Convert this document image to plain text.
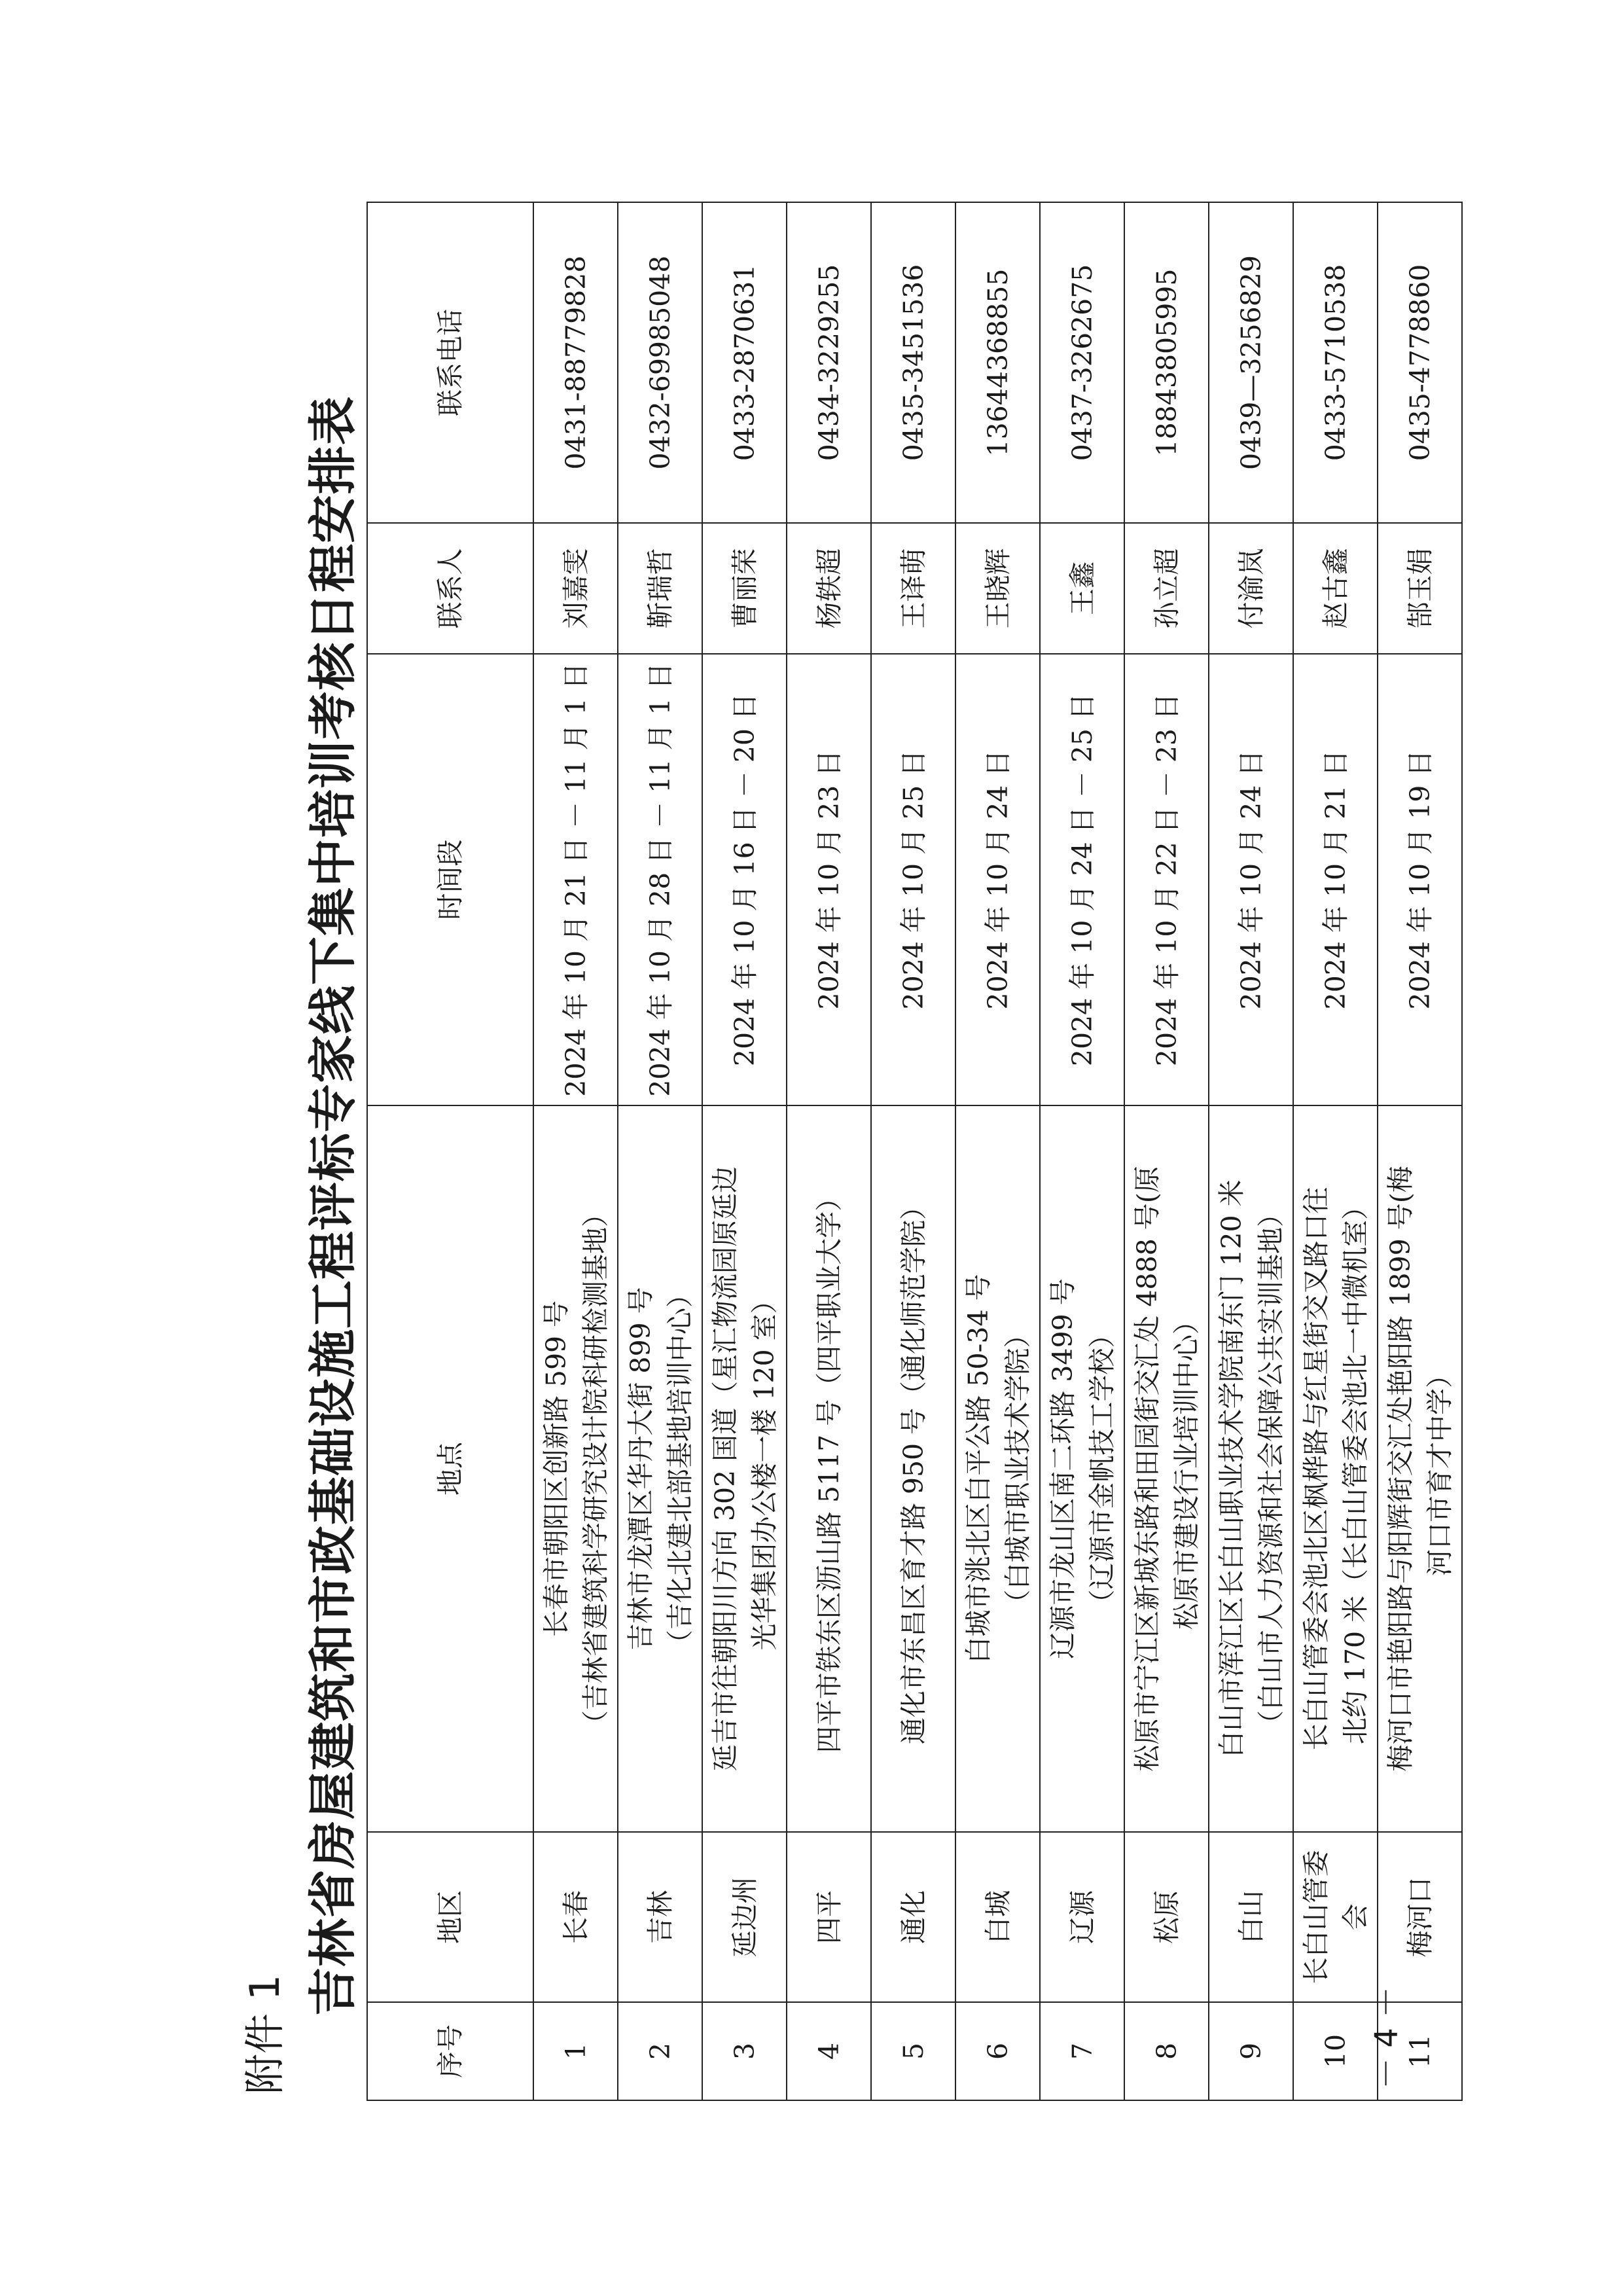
附件 1
吉林省房屋建筑和市政基础设施工程评标专家线下集中培训考核日程安排表
序号	地区	地点	时间段	联系人	联系电话
1	长春	长春市朝阳区创新路 599 号 （吉林省建筑科学研究设计院科研检测基地）	2024 年 10 月 21 日 － 11 月 1 日	刘嘉雯	0431-88779828
2	吉林	吉林市龙潭区华丹大街 899 号 （吉化北建北部基地培训中心）	2024 年 10 月 28 日 － 11 月 1 日	靳瑞哲	0432-69985048
3	延边州	延吉市往朝阳川方向 302 国道（星汇物流园原延边 光华集团办公楼一楼 120 室）	2024 年 10 月 16 日 － 20 日	曹丽荣	0433-2870631
4	四平	四平市铁东区沥山路 5117 号（四平职业大学）	2024 年 10 月 23 日	杨轶超	0434-3229255
5	通化	通化市东昌区育才路 950 号（通化师范学院）	2024 年 10 月 25 日	王译萌	0435-3451536
6	白城	白城市洮北区白平公路 50-34 号 （白城市职业技术学院）	2024 年 10 月 24 日	王晓辉	13644368855
7	辽源	辽源市龙山区南二环路 3499 号 （辽源市金帆技工学校）	2024 年 10 月 24 日 － 25 日	王鑫	0437-3262675
8	松原	松原市宁江区新城东路和田园街交汇处 4888 号(原 松原市建设行业培训中心）	2024 年 10 月 22 日 － 23 日	孙立超	18843805995
9	白山	白山市浑江区长白山职业技术学院南东门 120 米 （白山市人力资源和社会保障公共实训基地）	2024 年 10 月 24 日	付渝岚	0439—3256829
10	长白山管委会	长白山管委会池北区枫桦路与红星街交叉路口往 北约 170 米（长白山管委会池北一中微机室）	2024 年 10 月 21 日	赵古鑫	0433-5710538
11	梅河口	梅河口市艳阳路与阳辉街交汇处艳阳路 1899 号(梅 河口市育才中学）	2024 年 10 月 19 日	郜玉娟	0435-4778860
－ 4 －
